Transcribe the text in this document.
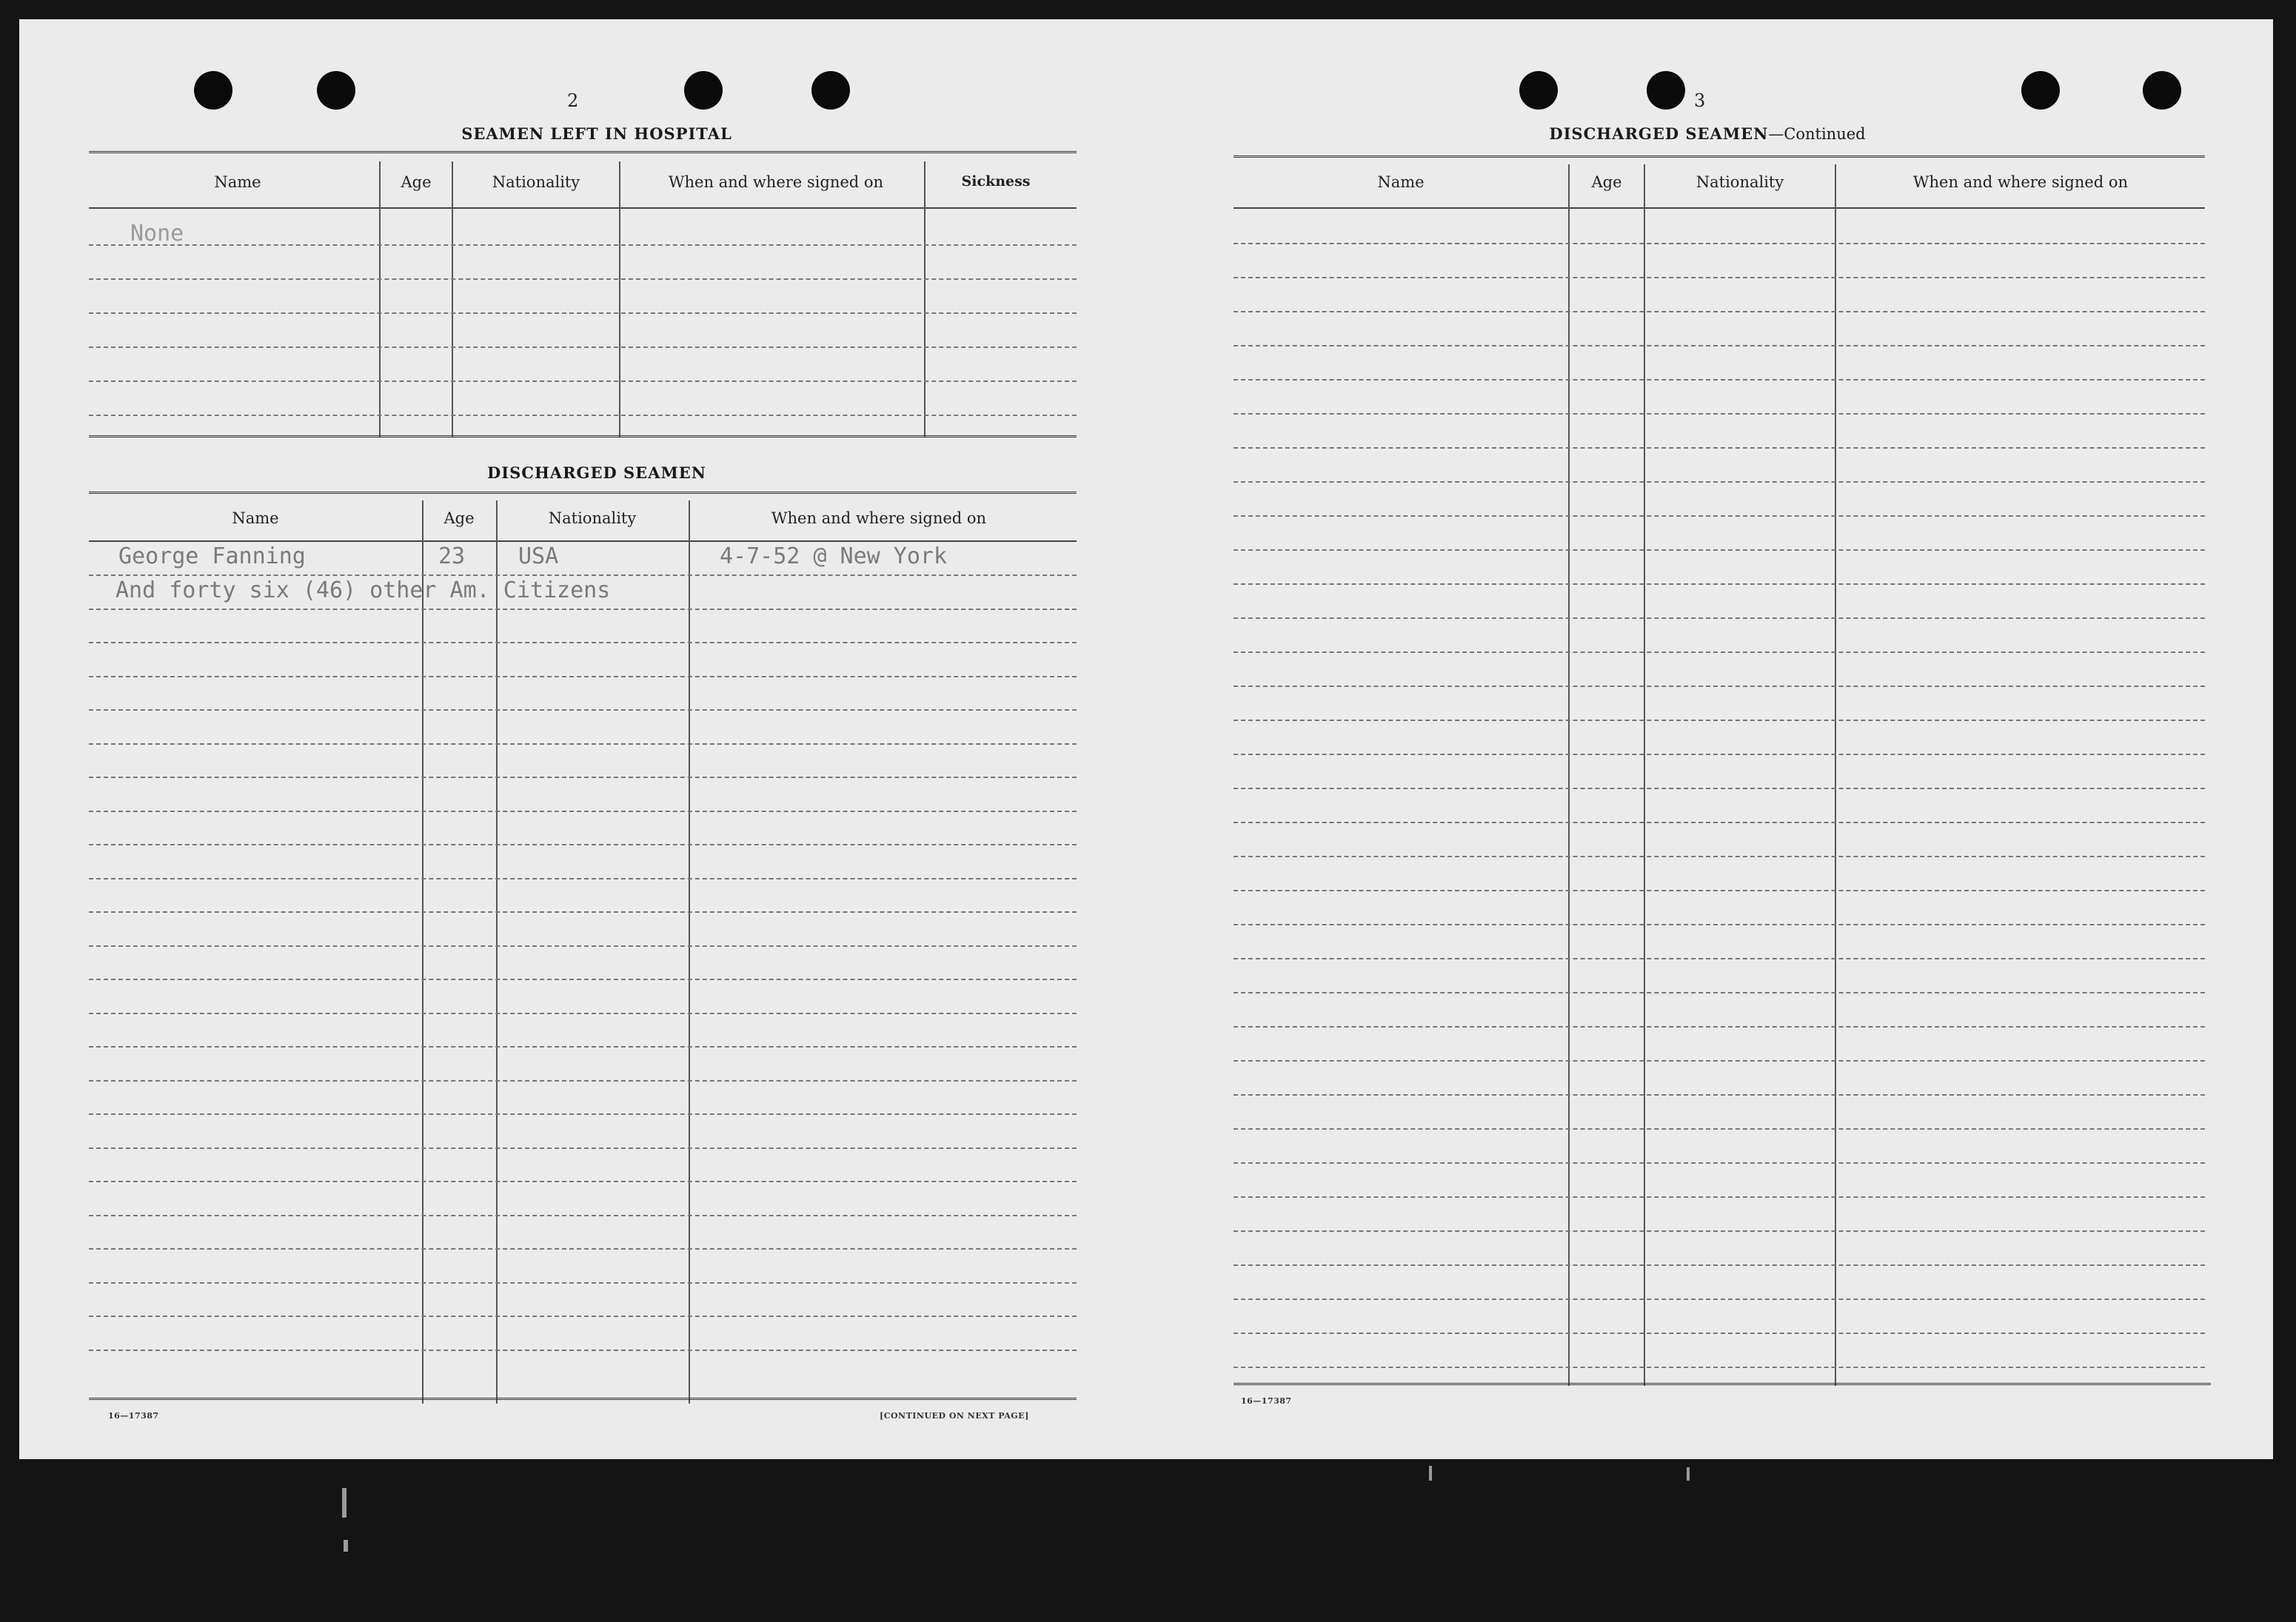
2
SEAMEN LEFT IN HOSPITAL
Name	Age	Nationality	When and where signed on	Sickness
None
DISCHARGED SEAMEN
Name	Age	Nationality	When and where signed on
George Fanning	23 USA	4-7-52 @ New York
And forty six (46) other Am. Citizens
16—17387	[CONTINUED ON NEXT PAGE]
3
DISCHARGED SEAMEN—Continued
Name	Age	Nationality	When and where signed on
16—17387
